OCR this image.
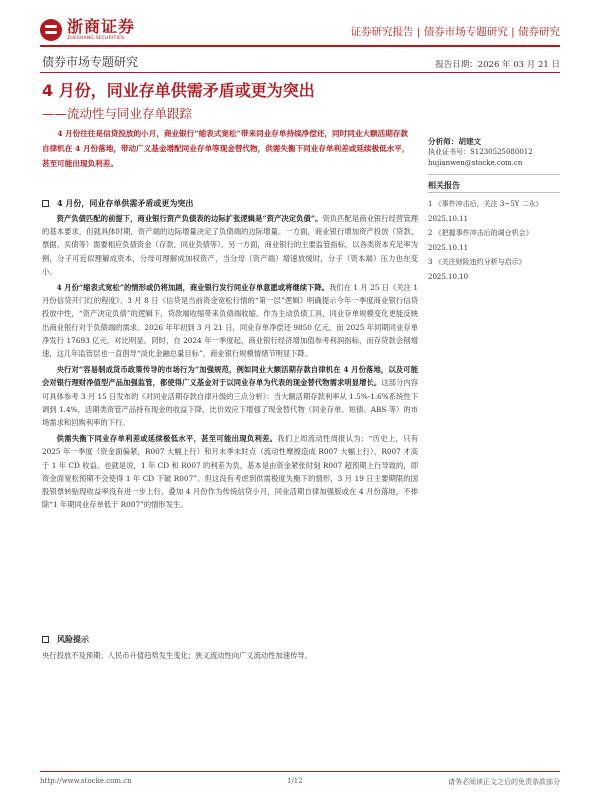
浙商证券
ZHESHANG SECURITIES
证券研究报告 | 债券市场专题研究 | 债券研究
债券市场专题研究	报告日期：2026 年 03 月 21 日
4 月份，同业存单供需矛盾或更为突出
——流动性与同业存单跟踪

4 月份往往是信贷投放的小月，商业银行“缩表式宽松”带来同业存单持续净偿还，同时同业大额活期存款自律机在 4 月份落地，带动广义基金增配同业存单等现金替代物，供需失衡下同业存单利差或延续极低水平，甚至可能出现负利差。

分析师：胡建文
执业证书号：S1230525080012
hujianwen@stocke.com.cn
相关报告
1 《事件冲击后，关注 3~5Y 二永》 2025.10.11
2 《把握事件冲击后的调仓机会》 2025.10.11
3 《关注财险违约分析与启示》 2025.10.10
4 月份，同业存单供需矛盾或更为突出

资产负债匹配的前提下，商业银行资产负债表的边际扩张逻辑是“资产决定负债”。资负匹配是商业银行经营管理的基本要求，但就具体时期，资产端的边际增量决定了负债端的边际增量。一方面，商业银行增加资产投放（贷款、票据、买债等）需要相应负债资金（存款、同业负债等），另一方面，商业银行的主要监管指标，以各类资本充足率为例，分子可近似理解成资本，分母可理解成加权资产，当分母（资产端）增速放缓时，分子（资本端）压力也在变小。

4 月份“缩表式宽松”的情形或仍将加剧，商业银行发行同业存单意愿或将继续下降。我们在 1 月 25 日《关注 1 月份信贷开门红的程度》、3 月 8 日《信贷是当前资金宽松行情的“第一层”逻辑》明确提示今年一季度商业银行信贷投放中性，“资产决定负债”的逻辑下，贷款端收缩带来负债端收缩。作为主动负债工具，同业存单规模变化更能反映出商业银行对于负债端的需求。2026 年年初到 3 月 21 日，同业存单净偿还 9850 亿元，而 2025 年同期同业存单净发行 17693 亿元，对比明显。同时，自 2024 年一季度起，商业银行经济增加值参考利润指标，而存贷款会削增速，这几年监管层也一直倡导“淡化金融总量目标”，商业银行规模情绪节明显下降。

央行对“容易制成货币政策传导的市场行为”加强规范，例如同业大额活期存款自律机在 4 月份落地，以及可能会对银行理财净值型产品加强监管，都使得广义基金对于以同业存单为代表的现金替代物需求明显增长。这部分内容可具体参考 3 月 15 日发布的《对同业活期存款自律升级的三点分析》：当大额活期存款利率从 1.5%-1.6%系统性下调到 1.4%，活期类资管产品持有现金的收益下降，比价效应下增强了现金替代物（同业存单、短债、ABS 等）的市场需求和回购利率的下行。

供需失衡下同业存单利差或延续极低水平，甚至可能出现负利差。我们上周流动性周报认为：“历史上，只有 2025 年一季度（资金面偏紧，R007 大幅上行）和月末季末时点（流动性摩擦造成 R007 大幅上行），R007 才高于 1 年 CD 收益。也就是说，1 年 CD 和 R007 的利差为负，基本是由资金紧张时刻 R007 超预期上行导致的，即资金面宽松预期不会使得 1 年 CD 下破 R007”。但这没有考虑到供需极度失衡下的情形，3 月 19 日主要期限的国股银票转贴现收益率没有进一步上行，叠加 4 月份作为传统信贷小月，同业活期自律加强版或在 4 月份落地，不排除“1 年期同业存单低于 R007”的情形发生。

风险提示

央行投放不及预期；人民币升值趋势发生变化；狭义流动性向广义流动性加速传导。

http://www.stocke.com.cn	1/12	请务必阅读正文之后的免责条款部分
